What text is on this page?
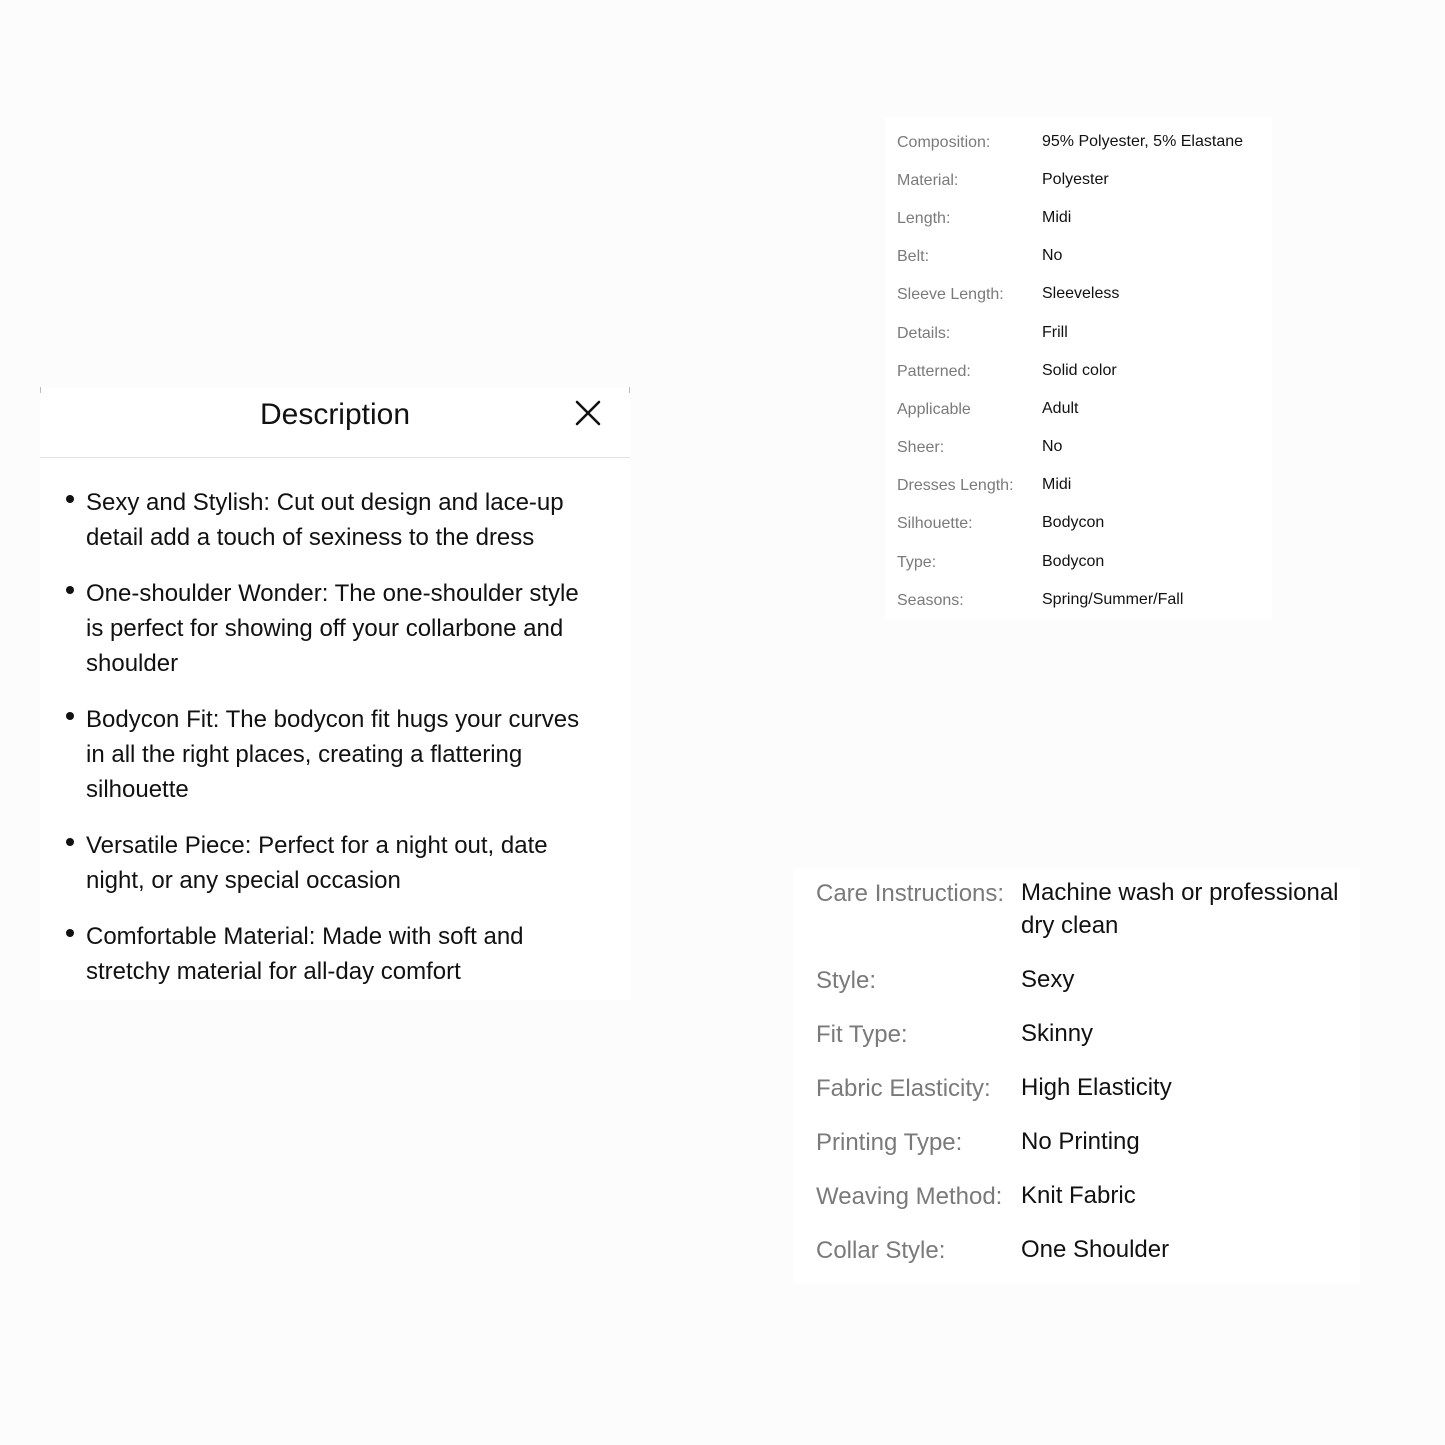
Composition:	95% Polyester, 5% Elastane
Material:	Polyester
Length:	Midi
Belt:	No
Sleeve Length: Sleeveless
Details:	Frill
Patterned:	Solid color
Applicable	Adult
Sheer:	No
Dresses Length: Midi
Silhouette:	Bodycon
Type:	Bodycon
Seasons:	Spring/Summer/Fall
Description
Sexy and Stylish: Cut out design and lace-up detail add a touch of sexiness to the dress
One-shoulder Wonder: The one-shoulder style is perfect for showing off your collarbone and shoulder
Bodycon Fit: The bodycon fit hugs your curves in all the right places, creating a flattering silhouette
Versatile Piece: Perfect for a night out, date night, or any special occasion
Comfortable Material: Made with soft and stretchy material for all-day comfort
Care Instructions: Machine wash or professional dry clean
Style:	Sexy
Fit Type:	Skinny
Fabric Elasticity: High Elasticity
Printing Type: No Printing
Weaving Method: Knit Fabric
Collar Style:	One Shoulder
